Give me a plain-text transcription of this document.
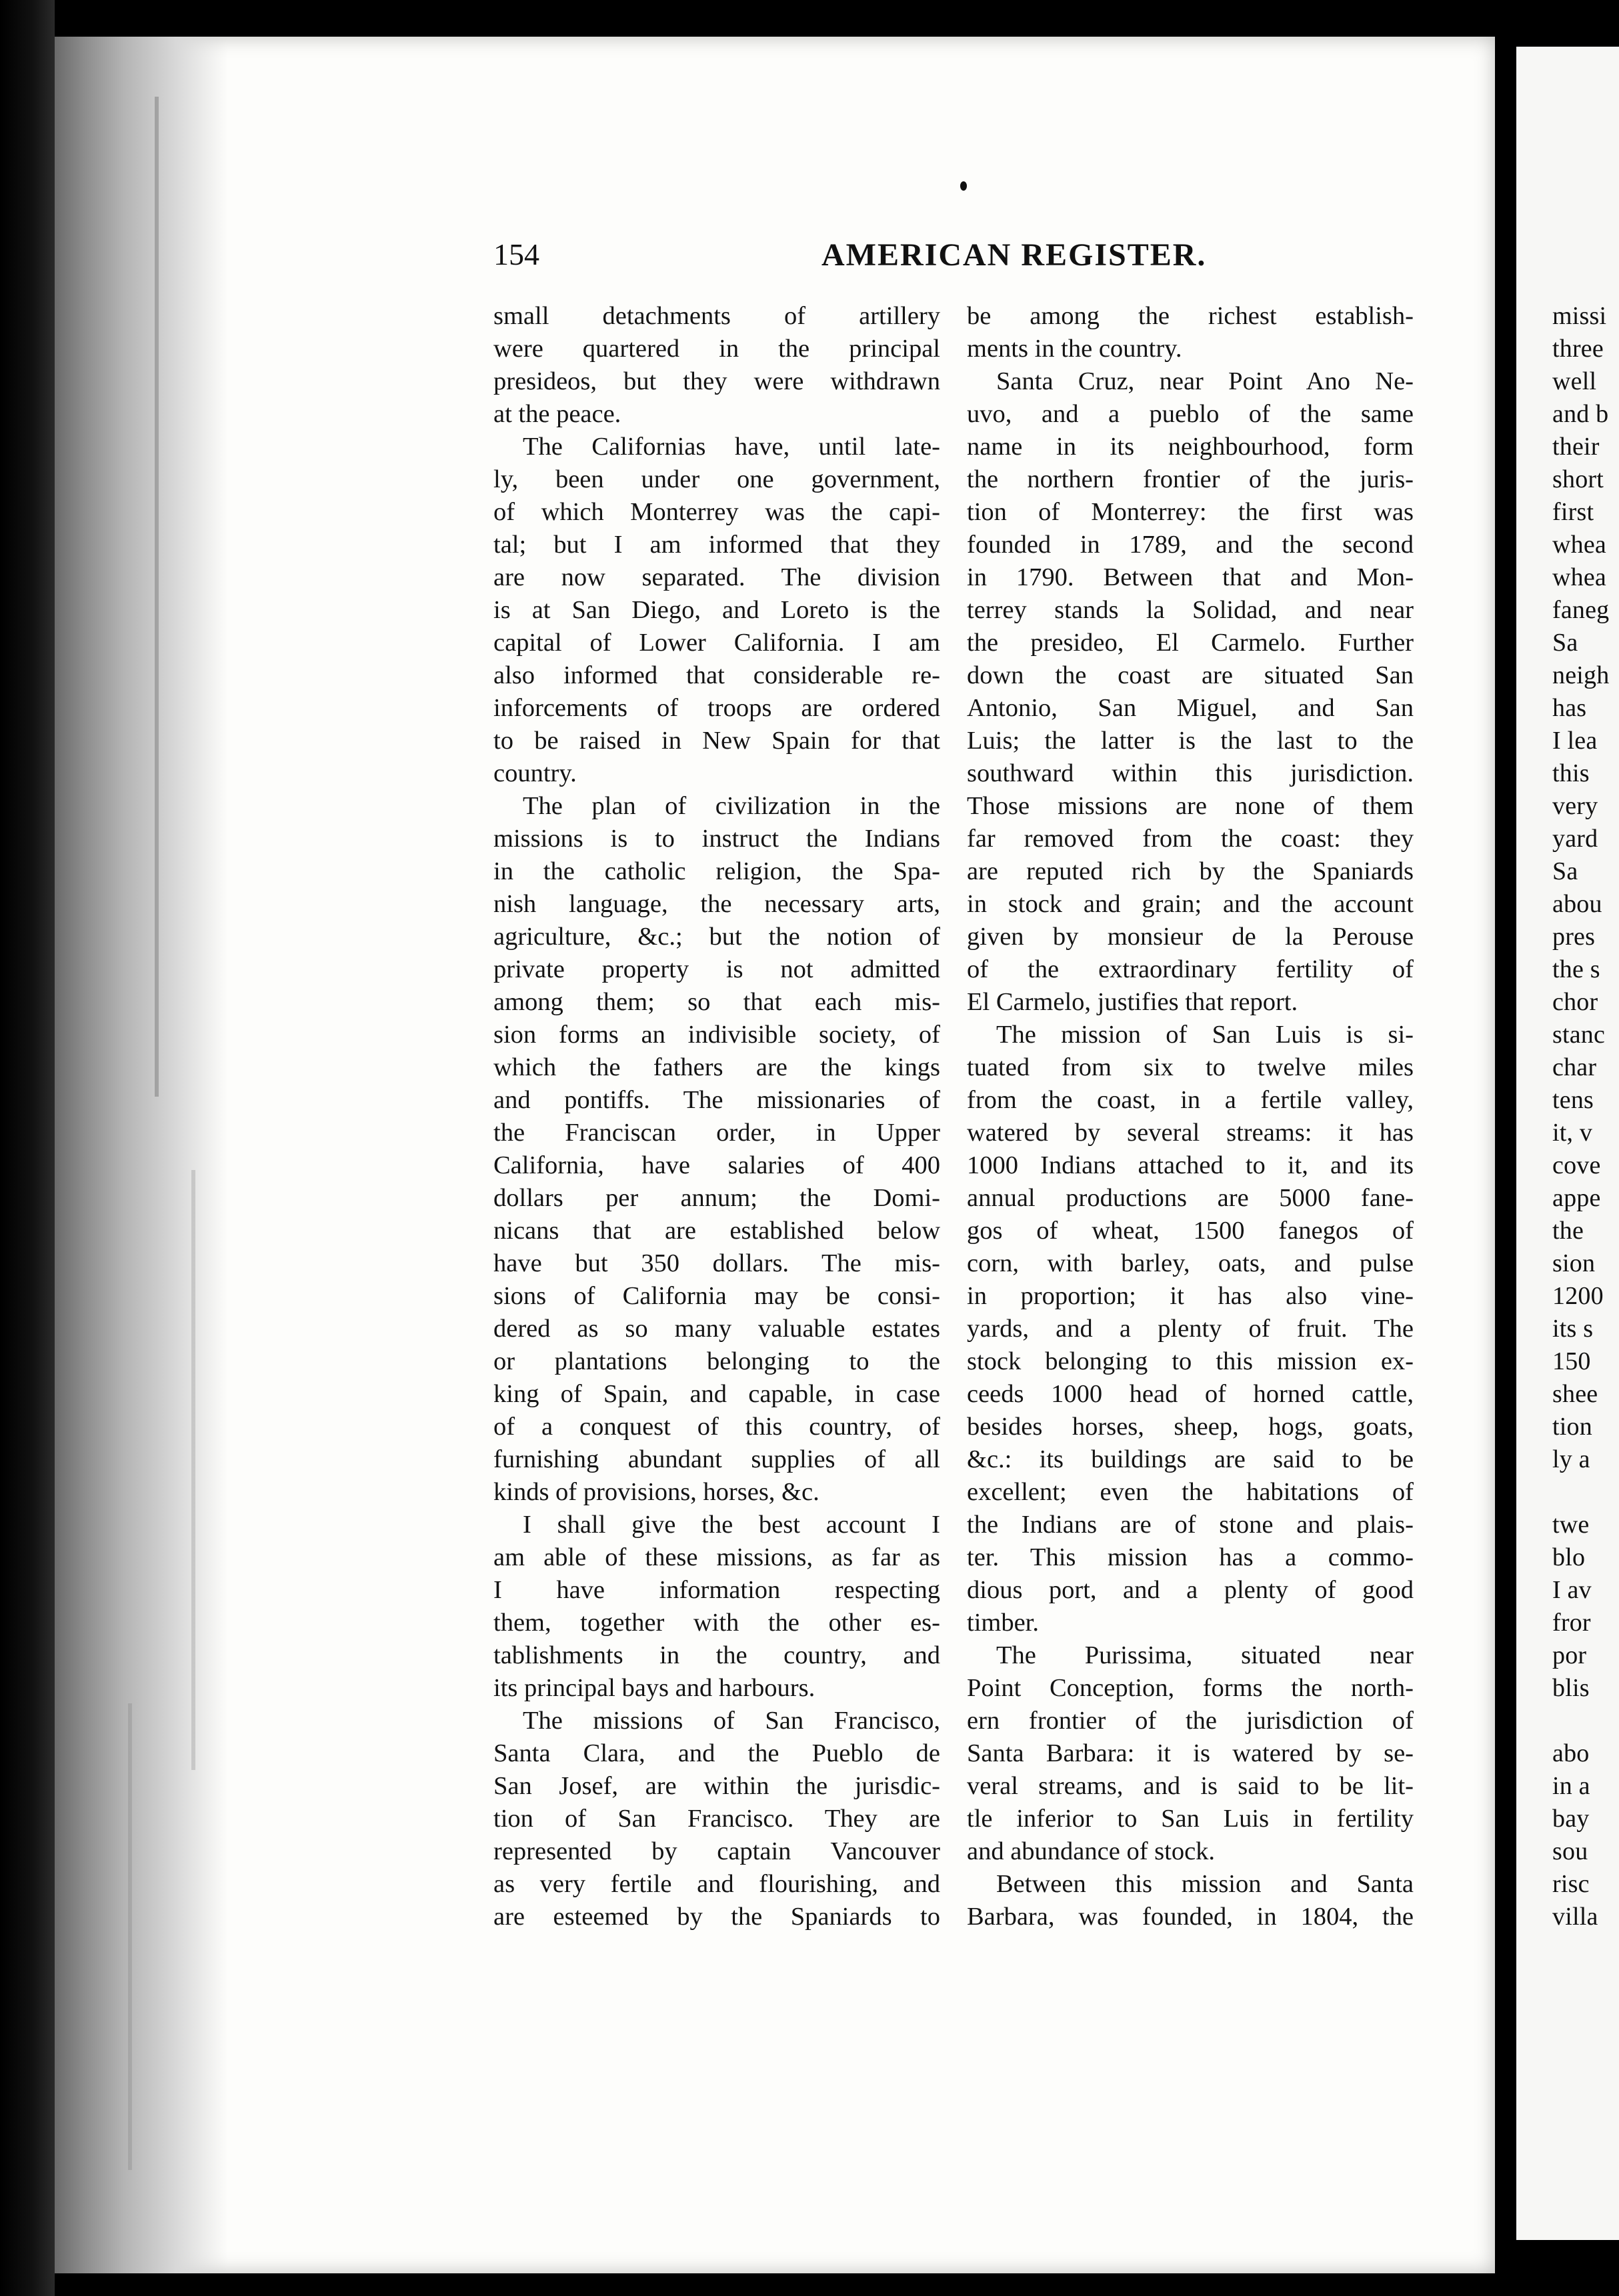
154	AMERICAN REGISTER.
small detachments of artillery
were quartered in the principal
presideos, but they were withdrawn
at the peace.
The Californias have, until late-
ly, been under one government,
of which Monterrey was the capi-
tal; but I am informed that they
are now separated. The division
is at San Diego, and Loreto is the
capital of Lower California. I am
also informed that considerable re-
inforcements of troops are ordered
to be raised in New Spain for that
country.
The plan of civilization in the
missions is to instruct the Indians
in the catholic religion, the Spa-
nish language, the necessary arts,
agriculture, &c.; but the notion of
private property is not admitted
among them; so that each mis-
sion forms an indivisible society, of
which the fathers are the kings
and pontiffs. The missionaries of
the Franciscan order, in Upper
California, have salaries of 400
dollars per annum; the Domi-
nicans that are established below
have but 350 dollars. The mis-
sions of California may be consi-
dered as so many valuable estates
or plantations belonging to the
king of Spain, and capable, in case
of a conquest of this country, of
furnishing abundant supplies of all
kinds of provisions, horses, &c.
I shall give the best account I
am able of these missions, as far as
I have information respecting
them, together with the other es-
tablishments in the country, and
its principal bays and harbours.
The missions of San Francisco,
Santa Clara, and the Pueblo de
San Josef, are within the jurisdic-
tion of San Francisco. They are
represented by captain Vancouver
as very fertile and flourishing, and
are esteemed by the Spaniards to
be among the richest establish-
ments in the country.
Santa Cruz, near Point Ano Ne-
uvo, and a pueblo of the same
name in its neighbourhood, form
the northern frontier of the juris-
tion of Monterrey: the first was
founded in 1789, and the second
in 1790. Between that and Mon-
terrey stands la Solidad, and near
the presideo, El Carmelo. Further
down the coast are situated San
Antonio, San Miguel, and San
Luis; the latter is the last to the
southward within this jurisdiction.
Those missions are none of them
far removed from the coast: they
are reputed rich by the Spaniards
in stock and grain; and the account
given by monsieur de la Perouse
of the extraordinary fertility of
El Carmelo, justifies that report.
The mission of San Luis is si-
tuated from six to twelve miles
from the coast, in a fertile valley,
watered by several streams: it has
1000 Indians attached to it, and its
annual productions are 5000 fane-
gos of wheat, 1500 fanegos of
corn, with barley, oats, and pulse
in proportion; it has also vine-
yards, and a plenty of fruit. The
stock belonging to this mission ex-
ceeds 1000 head of horned cattle,
besides horses, sheep, hogs, goats,
&c.: its buildings are said to be
excellent; even the habitations of
the Indians are of stone and plais-
ter. This mission has a commo-
dious port, and a plenty of good
timber.
The Purissima, situated near
Point Conception, forms the north-
ern frontier of the jurisdiction of
Santa Barbara: it is watered by se-
veral streams, and is said to be lit-
tle inferior to San Luis in fertility
and abundance of stock.
Between this mission and Santa
Barbara, was founded, in 1804, the
missi
three
well
and b
their
short
first
whea
whea
faneg
Sa
neigh
has
I lea
this
very
yard
Sa
abou
pres
the s
chor
stanc
char
tens
it, v
cove
appe
the
sion
1200
its s
150
shee
tion
ly a
twe
blo
I av
fror
por
blis
abo
in a
bay
sou
risc
villa
